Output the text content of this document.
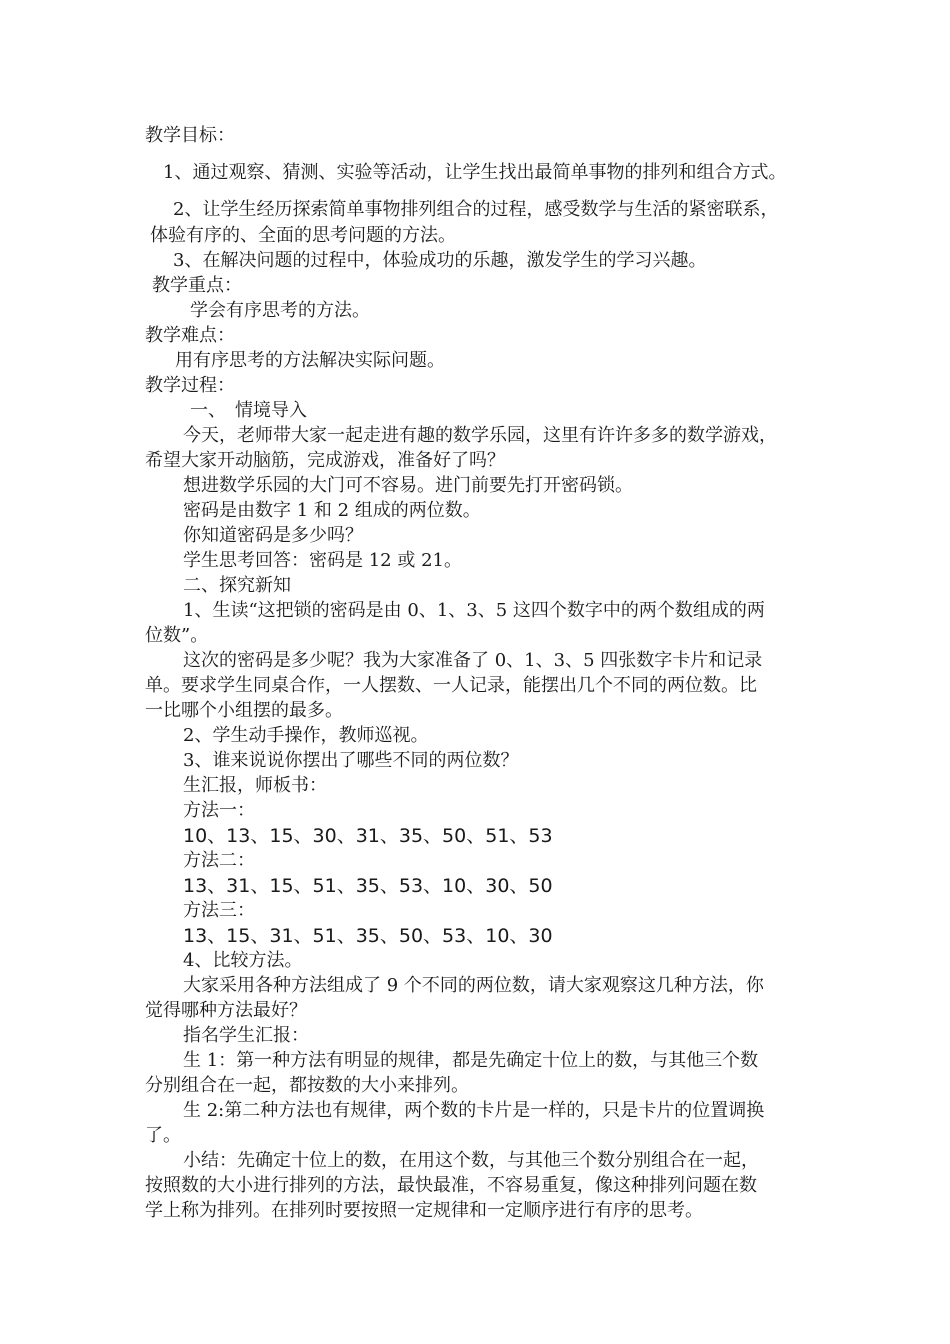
教学目标：

1、通过观察、猜测、实验等活动，让学生找出最简单事物的排列和组合方式。

2、让学生经历探索简单事物排列组合的过程，感受数学与生活的紧密联系，

体验有序的、全面的思考问题的方法。

3、在解决问题的过程中，体验成功的乐趣，激发学生的学习兴趣。

教学重点：

学会有序思考的方法。

教学难点：

用有序思考的方法解决实际问题。

教学过程：

一、　情境导入

今天，老师带大家一起走进有趣的数学乐园，这里有许许多多的数学游戏，

希望大家开动脑筋，完成游戏，准备好了吗？

想进数学乐园的大门可不容易。进门前要先打开密码锁。

密码是由数字 1 和 2 组成的两位数。

你知道密码是多少吗？

学生思考回答：密码是 12 或 21。

二、探究新知

1、生读“这把锁的密码是由 0、1、3、5 这四个数字中的两个数组成的两

位数”。

这次的密码是多少呢？我为大家准备了 0、1、3、5 四张数字卡片和记录

单。要求学生同桌合作，一人摆数、一人记录，能摆出几个不同的两位数。比

一比哪个小组摆的最多。

2、学生动手操作，教师巡视。

3、谁来说说你摆出了哪些不同的两位数？

生汇报，师板书：

方法一：

10、13、15、30、31、35、50、51、53

方法二：

13、31、15、51、35、53、10、30、50

方法三：

13、15、31、51、35、50、53、10、30

4、比较方法。

大家采用各种方法组成了 9 个不同的两位数，请大家观察这几种方法，你

觉得哪种方法最好？

指名学生汇报：

生 1：第一种方法有明显的规律，都是先确定十位上的数，与其他三个数

分别组合在一起，都按数的大小来排列。

生 2:第二种方法也有规律，两个数的卡片是一样的，只是卡片的位置调换

了。

小结：先确定十位上的数，在用这个数，与其他三个数分别组合在一起，

按照数的大小进行排列的方法，最快最准，不容易重复，像这种排列问题在数

学上称为排列。在排列时要按照一定规律和一定顺序进行有序的思考。
